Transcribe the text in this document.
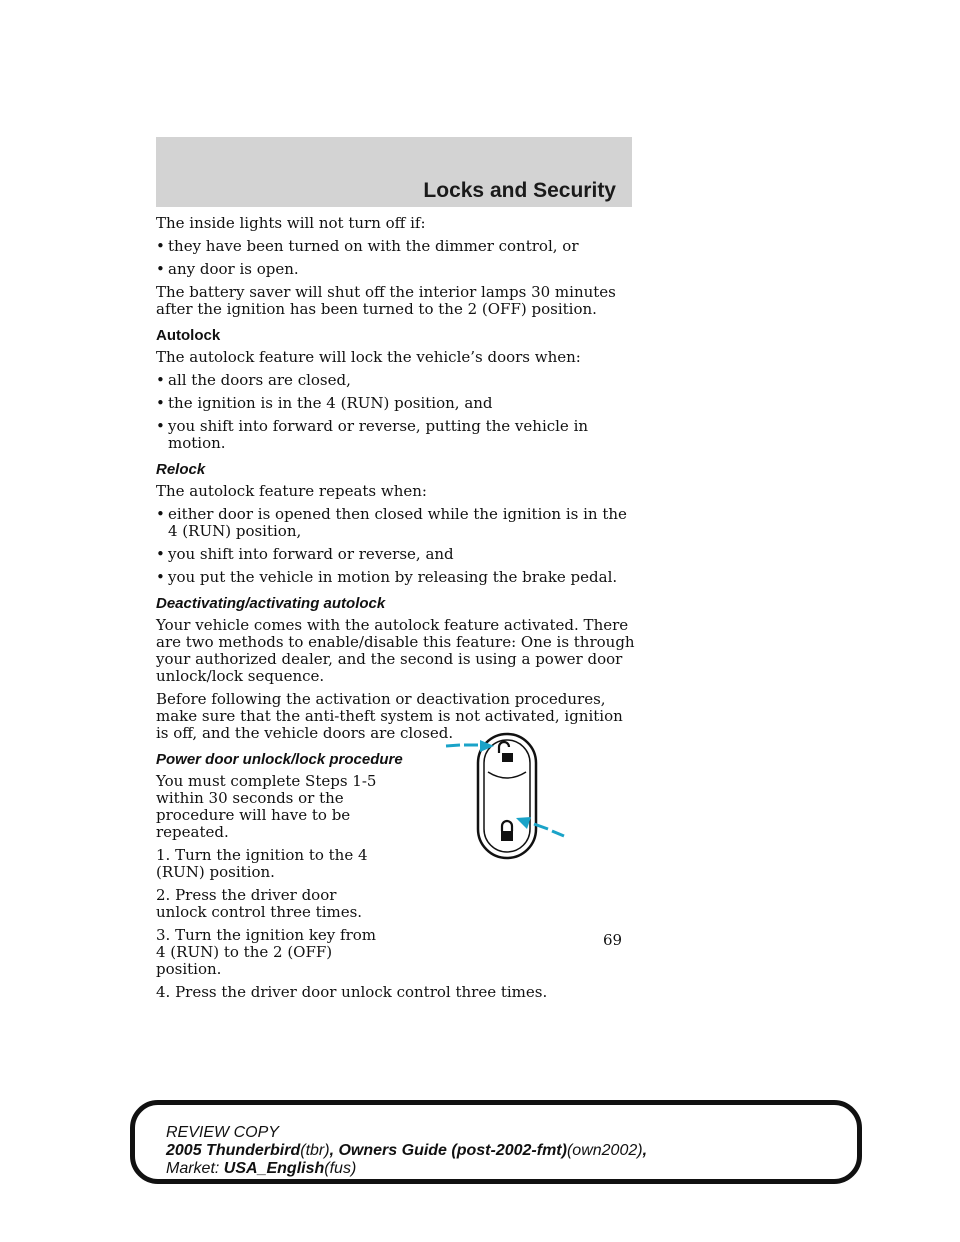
Locks and Security

The inside lights will not turn off if:

• they have been turned on with the dimmer control, or
• any door is open.

The battery saver will shut off the interior lamps 30 minutes after the ignition has been turned to the 2 (OFF) position.

Autolock

The autolock feature will lock the vehicle’s doors when:

• all the doors are closed,
• the ignition is in the 4 (RUN) position, and
• you shift into forward or reverse, putting the vehicle in motion.
Relock

The autolock feature repeats when:

• either door is opened then closed while the ignition is in the 4 (RUN) position,
• you shift into forward or reverse, and
• you put the vehicle in motion by releasing the brake pedal.
Deactivating/activating autolock

Your vehicle comes with the autolock feature activated. There are two methods to enable/disable this feature: One is through your authorized dealer, and the second is using a power door unlock/lock sequence.

Before following the activation or deactivation procedures, make sure that the anti-theft system is not activated, ignition is off, and the vehicle doors are closed.

Power door unlock/lock procedure

You must complete Steps 1-5 within 30 seconds or the procedure will have to be repeated.

1. Turn the ignition to the 4 (RUN) position.

2. Press the driver door unlock control three times.

3. Turn the ignition key from 4 (RUN) to the 2 (OFF) position.

4. Press the driver door unlock control three times.

69
REVIEW COPY
2005 Thunderbird(tbr), Owners Guide (post-2002-fmt)(own2002),
Market: USA_English(fus)
